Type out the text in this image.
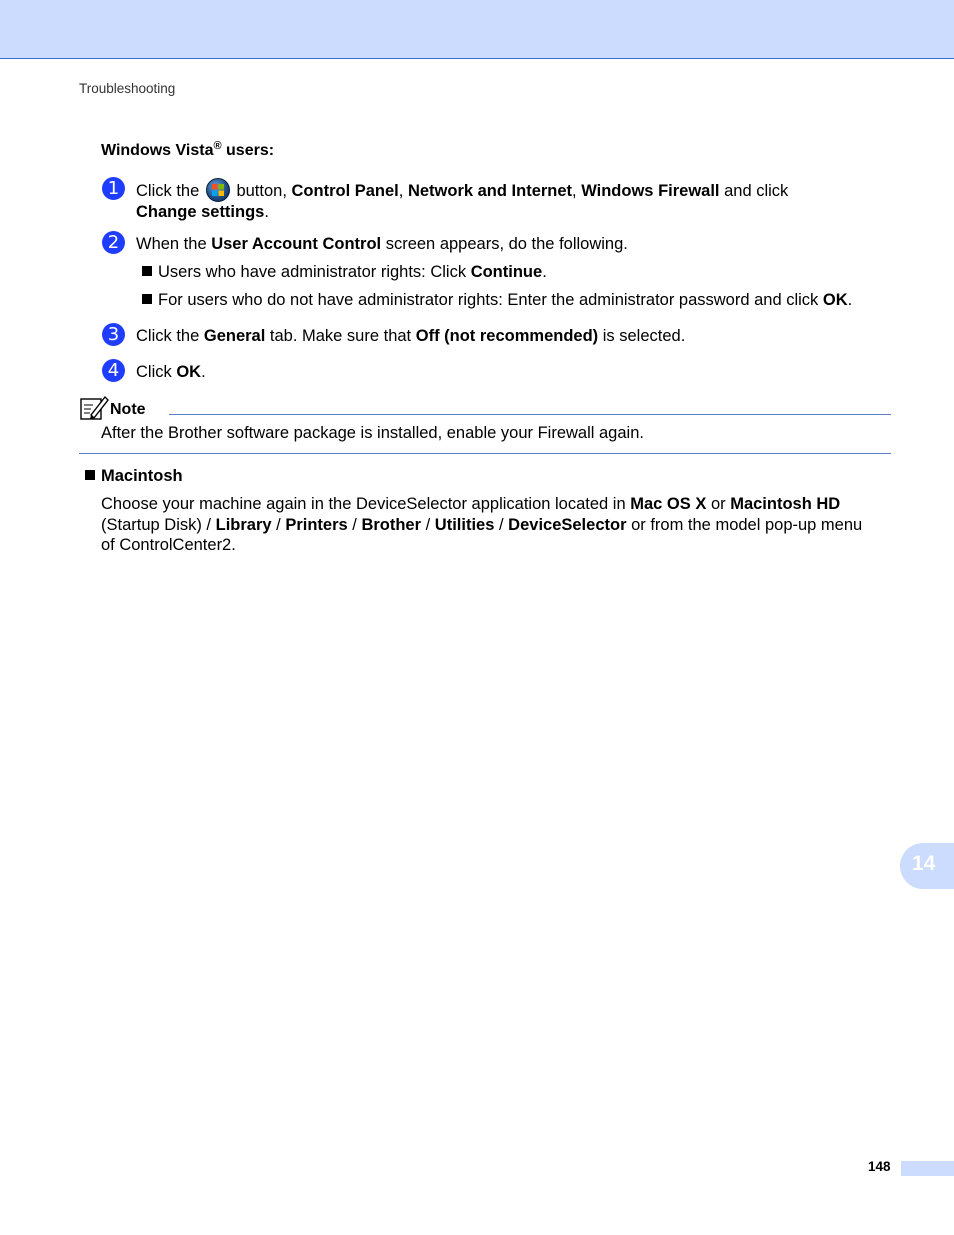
Troubleshooting
Windows Vista® users:
1	Click the
button, Control Panel, Network and Internet, Windows Firewall and click
Change settings.
2	When the User Account Control screen appears, do the following.
Users who have administrator rights: Click Continue.
For users who do not have administrator rights: Enter the administrator password and click OK.
3	Click the General tab. Make sure that Off (not recommended) is selected.
4	Click OK.
Note
After the Brother software package is installed, enable your Firewall again.
Macintosh
Choose your machine again in the DeviceSelector application located in Mac OS X or Macintosh HD
(Startup Disk) / Library / Printers / Brother / Utilities / DeviceSelector or from the model pop-up menu
of ControlCenter2.
14
148
